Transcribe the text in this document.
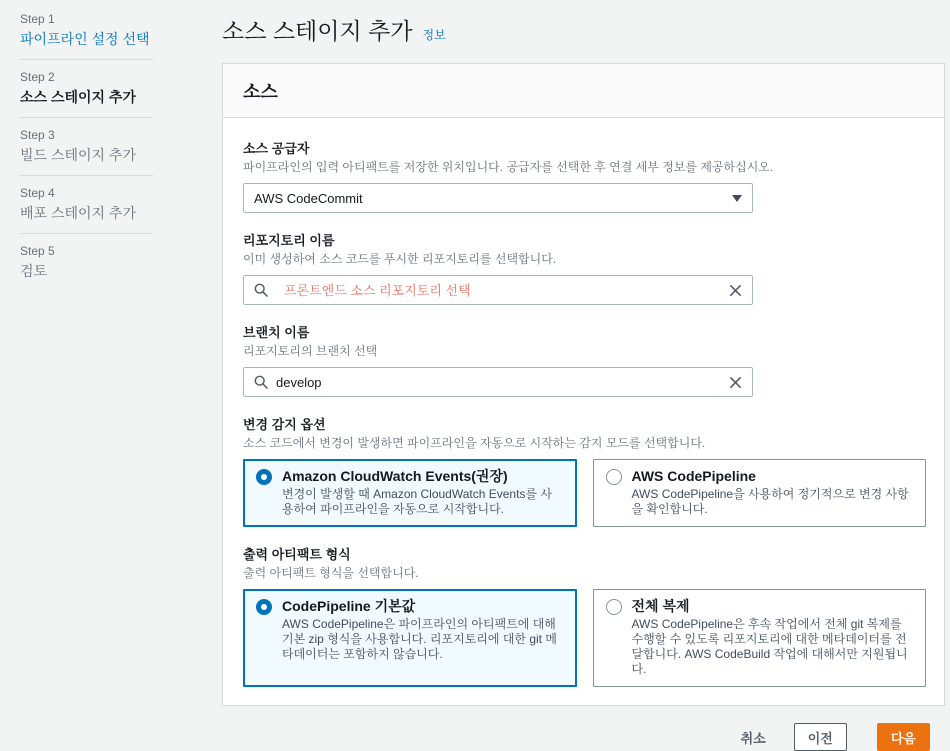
Step 1
파이프라인 설정 선택
Step 2
소스 스테이지 추가
Step 3
빌드 스테이지 추가
Step 4
배포 스테이지 추가
Step 5
검토
소스 스테이지 추가 정보
소스
소스 공급자
파이프라인의 입력 아티팩트를 저장한 위치입니다. 공급자를 선택한 후 연결 세부 정보를 제공하십시오.
AWS CodeCommit
리포지토리 이름
이미 생성하여 소스 코드를 푸시한 리포지토리를 선택합니다.
프론트엔드 소스 리포지토리 선택
브랜치 이름
리포지토리의 브랜치 선택
develop
변경 감지 옵션
소스 코드에서 변경이 발생하면 파이프라인을 자동으로 시작하는 감지 모드를 선택합니다.
Amazon CloudWatch Events(권장)
변경이 발생할 때 Amazon CloudWatch Events를 사용하여 파이프라인을 자동으로 시작합니다.
AWS CodePipeline
AWS CodePipeline을 사용하여 정기적으로 변경 사항을 확인합니다.
출력 아티팩트 형식
출력 아티팩트 형식을 선택합니다.
CodePipeline 기본값
AWS CodePipeline은 파이프라인의 아티팩트에 대해 기본 zip 형식을 사용합니다. 리포지토리에 대한 git 메타데이터는 포함하지 않습니다.
전체 복제
AWS CodePipeline은 후속 작업에서 전체 git 복제를 수행할 수 있도록 리포지토리에 대한 메타데이터를 전달합니다. AWS CodeBuild 작업에 대해서만 지원됩니다.
취소	이전	다음
